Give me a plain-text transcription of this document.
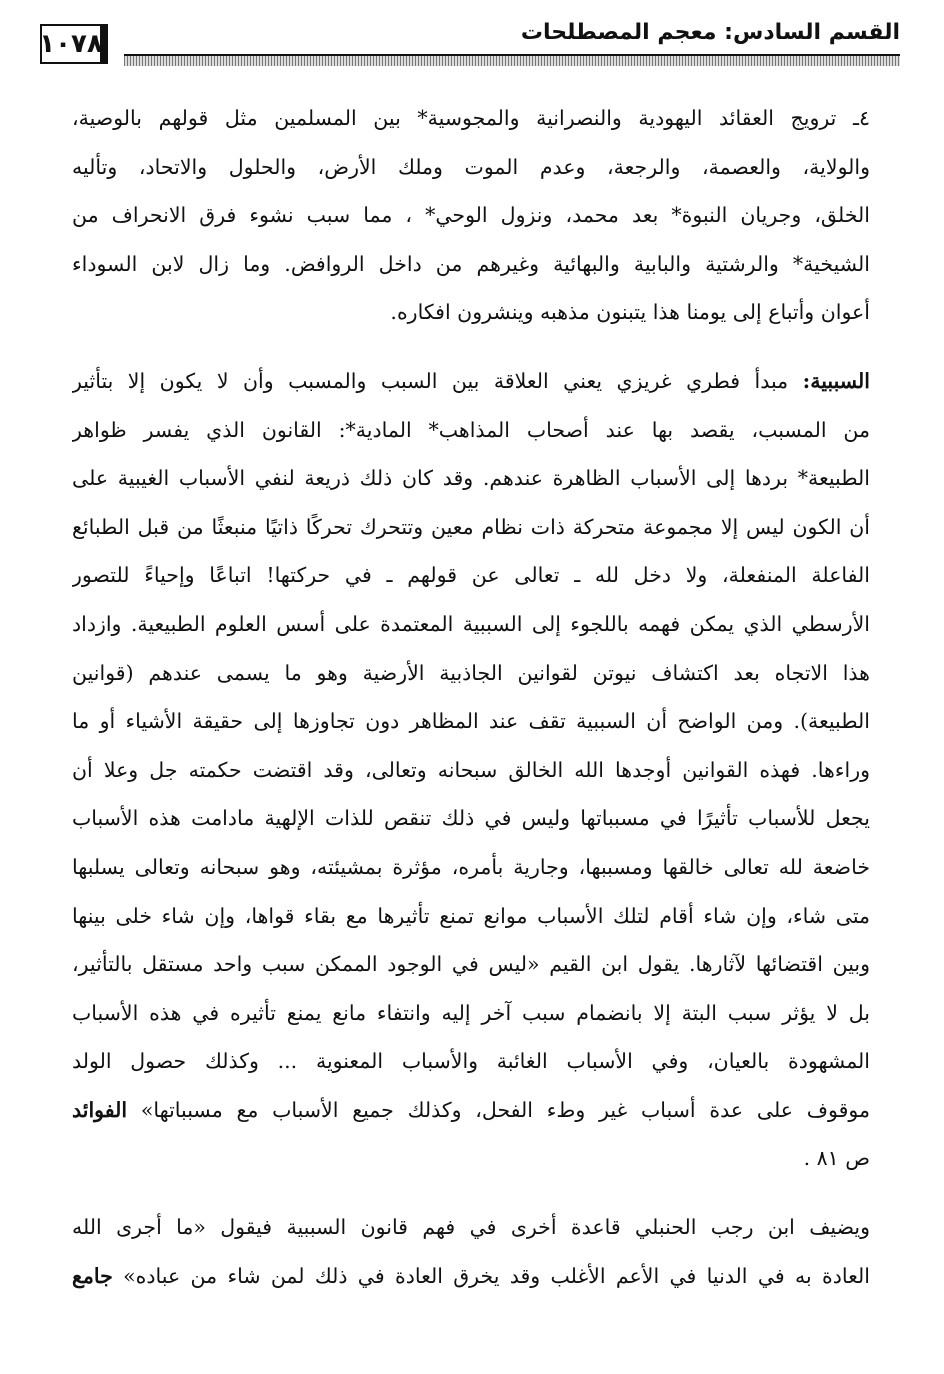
١٠٧٨	القسم السادس: معجم المصطلحات
٤ـ ترويج العقائد اليهودية والنصرانية والمجوسية* بين المسلمين مثل قولهم بالوصية،
والولاية، والعصمة، والرجعة، وعدم الموت وملك الأرض، والحلول والاتحاد، وتأليه
الخلق، وجريان النبوة* بعد محمد، ونزول الوحي* ، مما سبب نشوء فرق الانحراف من
الشيخية* والرشتية والبابية والبهائية وغيرهم من داخل الروافض. وما زال لابن السوداء
أعوان وأتباع إلى يومنا هذا يتبنون مذهبه وينشرون افكاره.
السببية: مبدأ فطري غريزي يعني العلاقة بين السبب والمسبب وأن لا يكون إلا بتأثير
من المسبب، يقصد بها عند أصحاب المذاهب* المادية*: القانون الذي يفسر ظواهر
الطبيعة* بردها إلى الأسباب الظاهرة عندهم. وقد كان ذلك ذريعة لنفي الأسباب الغيبية على
أن الكون ليس إلا مجموعة متحركة ذات نظام معين وتتحرك تحركًا ذاتيًا منبعثًا من قبل الطبائع
الفاعلة المنفعلة، ولا دخل لله ـ تعالى عن قولهم ـ في حركتها! اتباعًا وإحياءً للتصور
الأرسطي الذي يمكن فهمه باللجوء إلى السببية المعتمدة على أسس العلوم الطبيعية. وازداد
هذا الاتجاه بعد اكتشاف نيوتن لقوانين الجاذبية الأرضية وهو ما يسمى عندهم (قوانين
الطبيعة). ومن الواضح أن السببية تقف عند المظاهر دون تجاوزها إلى حقيقة الأشياء أو ما
وراءها. فهذه القوانين أوجدها الله الخالق سبحانه وتعالى، وقد اقتضت حكمته جل وعلا أن
يجعل للأسباب تأثيرًا في مسبباتها وليس في ذلك تنقص للذات الإلهية مادامت هذه الأسباب
خاضعة لله تعالى خالقها ومسببها، وجارية بأمره، مؤثرة بمشيئته، وهو سبحانه وتعالى يسلبها
متى شاء، وإن شاء أقام لتلك الأسباب موانع تمنع تأثيرها مع بقاء قواها، وإن شاء خلى بينها
وبين اقتضائها لآثارها. يقول ابن القيم «ليس في الوجود الممكن سبب واحد مستقل بالتأثير،
بل لا يؤثر سبب البتة إلا بانضمام سبب آخر إليه وانتفاء مانع يمنع تأثيره في هذه الأسباب
المشهودة بالعيان، وفي الأسباب الغائبة والأسباب المعنوية ... وكذلك حصول الولد
موقوف على عدة أسباب غير وطء الفحل، وكذلك جميع الأسباب مع مسبباتها» الفوائد
ص ٨١ .
ويضيف ابن رجب الحنبلي قاعدة أخرى في فهم قانون السببية فيقول «ما أجرى الله
العادة به في الدنيا في الأعم الأغلب وقد يخرق العادة في ذلك لمن شاء من عباده» جامع
